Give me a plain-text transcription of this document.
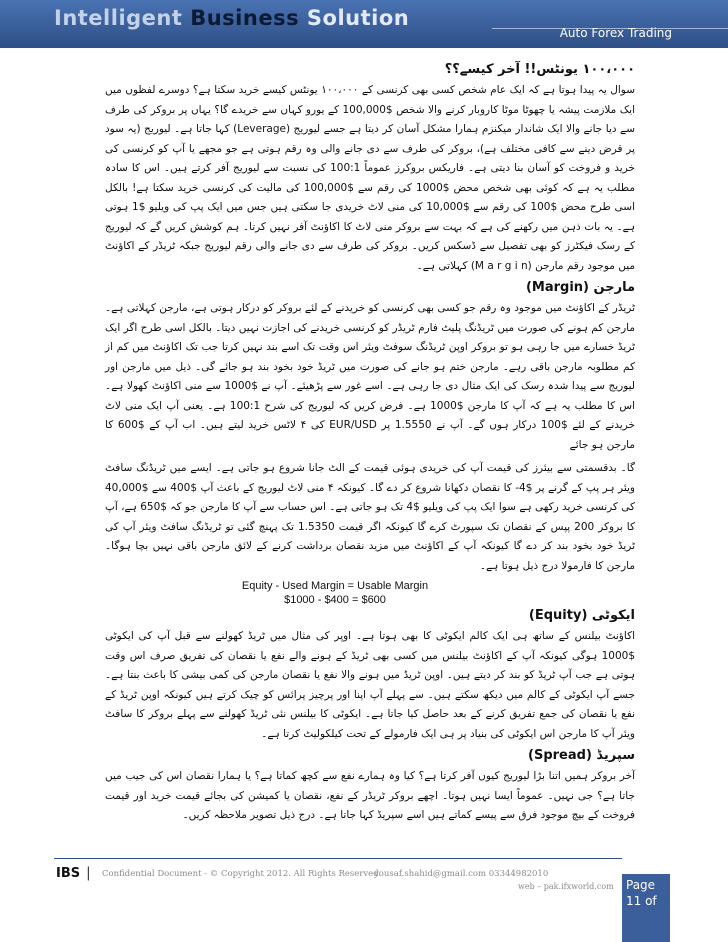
Intelligent Business Solution
Auto Forex Trading
۱۰۰،۰۰۰ یونٹس!! آخر کیسے؟؟
سوال یہ پیدا ہوتا ہے کہ ایک عام شخص کسی بھی کرنسی کے ۱۰۰،۰۰۰ یونٹس کیسے خرید سکتا ہے؟ دوسرے لفظوں میں ایک ملازمت پیشہ یا چھوٹا موٹا کاروبار کرنے والا شخص $100,000 کے یورو کہاں سے خریدے گا؟ یہاں پر بروکر کی طرف سے دیا جانے والا ایک شاندار میکنزم ہمارا مشکل آسان کر دیتا ہے جسے لیوریج (Leverage) کہا جاتا ہے۔ لیوریج (یہ سود پر قرض دینے سے کافی مختلف ہے)، بروکر کی طرف سے دی جانے والی وہ رقم ہوتی ہے جو مجھے یا آپ کو کرنسی کی خرید و فروخت کو آسان بنا دیتی ہے۔ فاریکس بروکرز عموماً 100:1 کی نسبت سے لیوریج آفر کرتے ہیں۔ اس کا سادہ مطلب یہ ہے کہ کوئی بھی شخص محض $1000 کی رقم سے $100,000 کی مالیت کی کرنسی خرید سکتا ہے! بالکل اسی طرح محض $100 کی رقم سے $10,000 کی منی لاٹ خریدی جا سکتی ہیں جس میں ایک پپ کی ویلیو $1 ہوتی ہے۔ یہ بات ذہن میں رکھنے کی ہے کہ بہت سے بروکر منی لاٹ کا اکاؤنٹ آفر نہیں کرتا۔ ہم کوشش کریں گے کہ لیوریج کے رسک فیکٹرز کو بھی تفصیل سے ڈسکس کریں۔ بروکر کی طرف سے دی جانے والی رقم لیوریج جبکہ ٹریڈر کے اکاؤنٹ میں موجود رقم مارجن (M a r g i n) کہلاتی ہے۔
مارجن (Margin)
ٹریڈر کے اکاؤنٹ میں موجود وہ رقم جو کسی بھی کرنسی کو خریدنے کے لئے بروکر کو درکار ہوتی ہے، مارجن کہلاتی ہے۔ مارجن کم ہونے کی صورت میں ٹریڈنگ پلیٹ فارم ٹریڈر کو کرنسی خریدنے کی اجازت نہیں دیتا۔ بالکل اسی طرح اگر ایک ٹریڈ خسارے میں جا رہی ہو تو بروکر اوپن ٹریڈنگ سوفٹ ویئر اس وقت تک اسے بند نہیں کرتا جب تک اکاؤنٹ میں کم از کم مطلوبہ مارجن باقی رہے۔ مارجن ختم ہو جانے کی صورت میں ٹریڈ خود بخود بند ہو جائے گی۔ ذیل میں مارجن اور لیوریج سے پیدا شدہ رسک کی ایک مثال دی جا رہی ہے۔ اسے غور سے پڑھیئے۔ آپ نے $1000 سے منی اکاؤنٹ کھولا ہے۔ اس کا مطلب یہ ہے کہ آپ کا مارجن $1000 ہے۔ فرض کریں کہ لیوریج کی شرح 100:1 ہے۔ یعنی آپ ایک منی لاٹ خریدنے کے لئے $100 درکار ہوں گے۔ آپ نے 1.5550 پر EUR/USD کی ۴ لاٹس خرید لیتے ہیں۔ اب آپ کے $600 کا مارجن ہو جائے
گا۔ بدقسمتی سے بیئرز کی قیمت آپ کی خریدی ہوئی قیمت کے الٹ جانا شروع ہو جاتی ہے۔ ایسے میں ٹریڈنگ سافٹ ویئر ہر پپ کے گرنے پر $4- کا نقصان دکھانا شروع کر دے گا۔ کیونکہ ۴ منی لاٹ لیوریج کے باعث آپ $400 سے $40,000 کی کرنسی خرید رکھی ہے سوا ایک پپ کی ویلیو $4 تک ہو جاتی ہے۔ اس حساب سے آپ کا مارجن جو کہ $650 ہے، آپ کا بروکر 200 پپس کے نقصان تک سپورٹ کرے گا کیونکہ اگر قیمت 1.5350 تک پہنچ گئی تو ٹریڈنگ سافٹ ویئر آپ کی ٹریڈ خود بخود بند کر دے گا کیونکہ آپ کے اکاؤنٹ میں مزید نقصان برداشت کرنے کے لائق مارجن باقی نہیں بچا ہوگا۔ مارجن کا فارمولا درج ذیل ہوتا ہے۔
Equity - Used Margin = Usable Margin
$1000 - $400 = $600
ایکوٹی (Equity)
اکاؤنٹ بیلنس کے ساتھ ہی ایک کالم ایکوٹی کا بھی ہوتا ہے۔ اوپر کی مثال میں ٹریڈ کھولنے سے قبل آپ کی ایکوٹی $1000 ہوگی کیونکہ آپ کے اکاؤنٹ بیلنس میں کسی بھی ٹریڈ کے ہونے والے نفع یا نقصان کی تفریق صرف اس وقت ہوتی ہے جب آپ ٹریڈ کو بند کر دیتے ہیں۔ اوپن ٹریڈ میں ہونے والا نفع یا نقصان مارجن کی کمی بیشی کا باعث بنتا ہے۔ جسے آپ ایکوٹی کے کالم میں دیکھ سکتے ہیں۔ سے پہلے آپ اپنا اور پرچیز پرائس کو چیک کرتے ہیں کیونکہ اوپن ٹریڈ کے نفع یا نقصان کی جمع تفریق کرنے کے بعد حاصل کیا جاتا ہے۔ ایکوٹی کا بیلنس نئی ٹریڈ کھولنے سے پہلے بروکر کا سافٹ ویئر آپ کا مارجن اس ایکوٹی کی بنیاد پر ہی ایک فارمولے کے تحت کیلکولیٹ کرتا ہے۔
سپریڈ (Spread)
آخر بروکر ہمیں اتنا بڑا لیوریج کیوں آفر کرتا ہے؟ کیا وہ ہمارے نفع سے کچھ کماتا ہے؟ یا ہمارا نقصان اس کی جیب میں جاتا ہے؟ جی نہیں۔ عموماً ایسا نہیں ہوتا۔ اچھے بروکر ٹریڈر کے نفع، نقصان یا کمیشن کی بجائے قیمت خرید اور قیمت فروخت کے بیچ موجود فرق سے پیسے کماتے ہیں اسے سپریڈ کہا جاتا ہے۔ درج ذیل تصویر ملاحظہ کریں۔
IBS | Confidential Document - © Copyright 2012. All Rights Reserved.
yousaf.shahid@gmail.com 03344982010
web – pak.ifxworld.com Page
11 of
